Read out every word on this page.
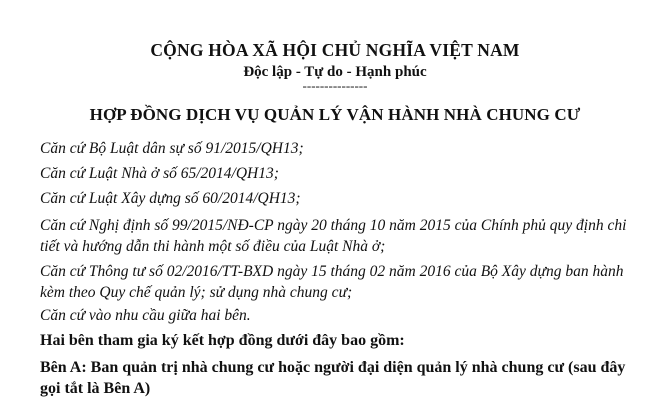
CỘNG HÒA XÃ HỘI CHỦ NGHĨA VIỆT NAM
Độc lập - Tự do - Hạnh phúc
---------------
HỢP ĐỒNG DỊCH VỤ QUẢN LÝ VẬN HÀNH NHÀ CHUNG CƯ
Căn cứ Bộ Luật dân sự số 91/2015/QH13;
Căn cứ Luật Nhà ở số 65/2014/QH13;
Căn cứ Luật Xây dựng số 60/2014/QH13;
Căn cứ Nghị định số 99/2015/NĐ-CP ngày 20 tháng 10 năm 2015 của Chính phủ quy định chi tiết và hướng dẫn thi hành một số điều của Luật Nhà ở;
Căn cứ Thông tư số 02/2016/TT-BXD ngày 15 tháng 02 năm 2016 của Bộ Xây dựng ban hành kèm theo Quy chế quản lý; sử dụng nhà chung cư;
Căn cứ vào nhu cầu giữa hai bên.
Hai bên tham gia ký kết hợp đồng dưới đây bao gồm:
Bên A: Ban quản trị nhà chung cư hoặc người đại diện quản lý nhà chung cư (sau đây gọi tắt là Bên A)
